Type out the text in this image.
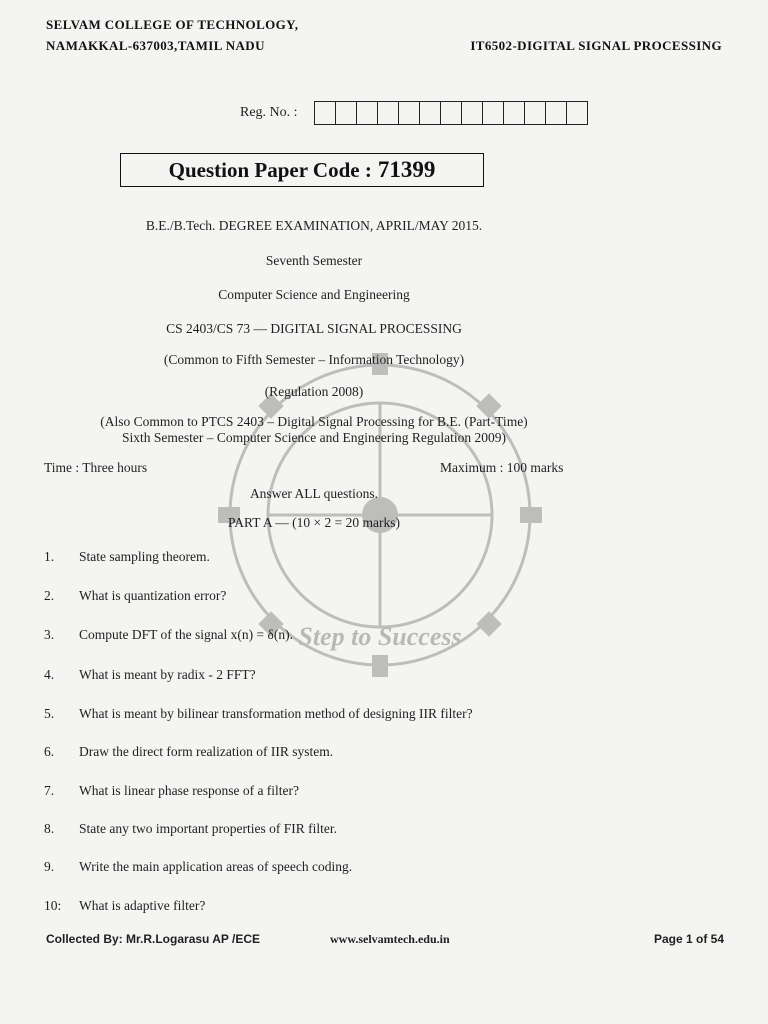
SELVAM COLLEGE OF TECHNOLOGY,
NAMAKKAL-637003,TAMIL NADU	IT6502-DIGITAL SIGNAL PROCESSING
Reg. No. :
Question Paper Code : 71399
B.E./B.Tech. DEGREE EXAMINATION, APRIL/MAY 2015.
Seventh Semester
Computer Science and Engineering
CS 2403/CS 73 — DIGITAL SIGNAL PROCESSING
(Common to Fifth Semester – Information Technology)
(Regulation 2008)
(Also Common to PTCS 2403 – Digital Signal Processing for B.E. (Part-Time)
Sixth Semester – Computer Science and Engineering Regulation 2009)
Step to Success
Time : Three hours	Maximum : 100 marks
Answer ALL questions.
PART A — (10 × 2 = 20 marks)
1.	State sampling theorem.
2.	What is quantization error?
3.	Compute DFT of the signal x(n) = δ(n).
4.	What is meant by radix - 2 FFT?
5.	What is meant by bilinear transformation method of designing IIR filter?
6.	Draw the direct form realization of IIR system.
7.	What is linear phase response of a filter?
8.	State any two important properties of FIR filter.
9.	Write the main application areas of speech coding.
10:	What is adaptive filter?
Collected By: Mr.R.Logarasu AP /ECE	www.selvamtech.edu.in	Page 1 of 54
